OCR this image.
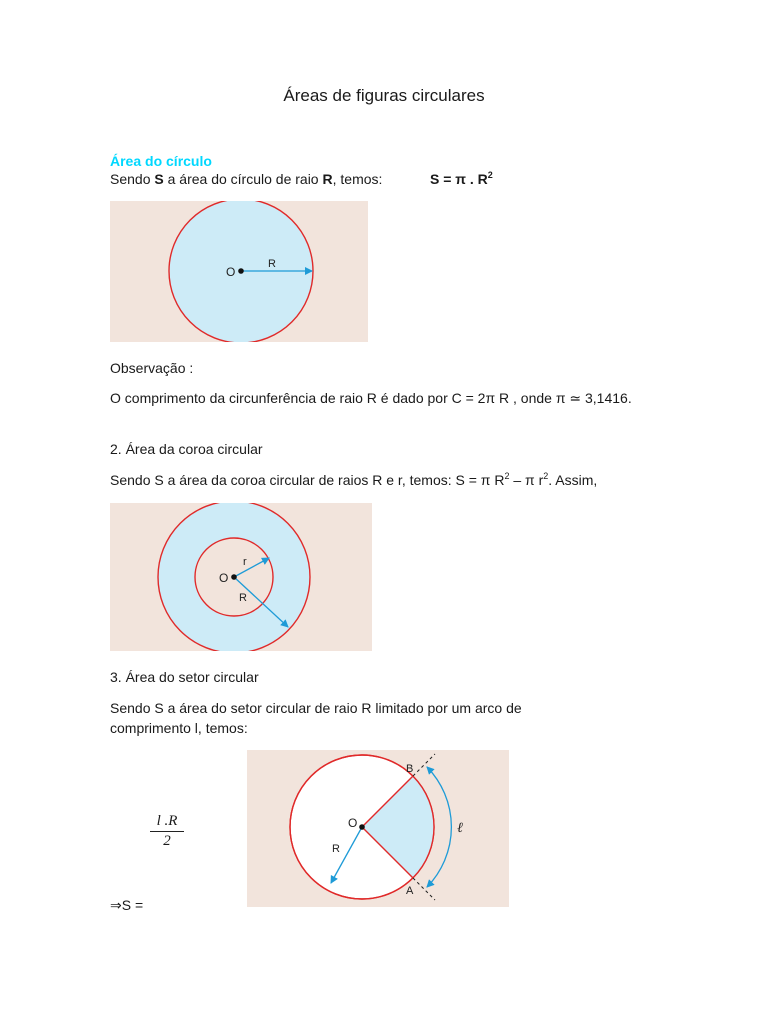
Áreas de figuras circulares
Área do círculo
Sendo S a área do círculo de raio R, temos:	S = π . $R^2$
O
R
Observação :
O comprimento da circunferência de raio R é dado por C = 2π R , onde π ≃ 3,1416.
2. Área da coroa circular
Sendo S a área da coroa circular de raios R e r, temos: S = π $R^2$ – π $r^2$. Assim,
O
r
R
3. Área do setor circular
Sendo S a área do setor circular de raio R limitado por um arco de comprimento l, temos:
$\frac{l .R}{2}$
⇒S =
O
R
B
A
ℓ
